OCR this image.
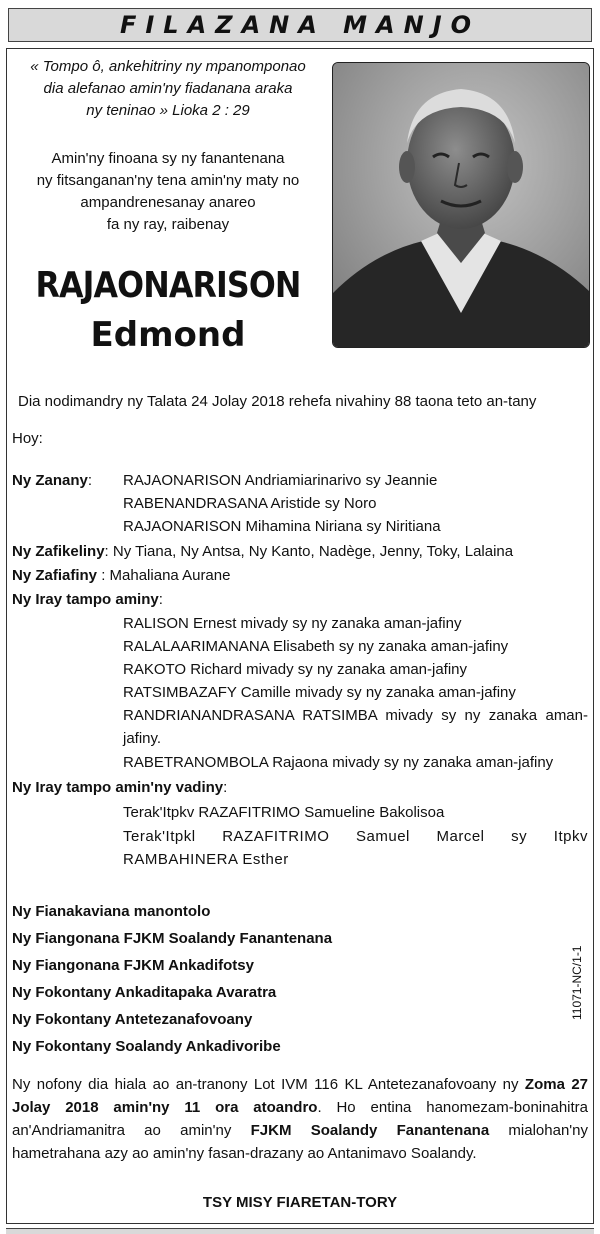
FILAZANA MANJO
« Tompo ô, ankehitriny ny mpanomponao
dia alefanao amin'ny fiadanana araka
ny teninao » Lioka 2 : 29
Amin'ny finoana sy ny fanantenana
ny fitsanganan'ny tena amin'ny maty no
ampandrenesanay anareo
fa ny ray, raibenay
RAJAONARISON
Edmond
Dia nodimandry ny Talata 24 Jolay 2018 rehefa nivahiny 88 taona teto an-tany
Hoy:
Ny Zanany: RAJAONARISON Andriamiarinarivo sy Jeannie
RABENANDRASANA Aristide sy Noro
RAJAONARISON Mihamina Niriana sy Niritiana
Ny Zafikeliny: Ny Tiana, Ny Antsa, Ny Kanto, Nadège, Jenny, Toky, Lalaina
Ny Zafiafiny : Mahaliana Aurane
Ny Iray tampo aminy:
RALISON Ernest mivady sy ny zanaka aman-jafiny
RALALAARIMANANA Elisabeth sy ny zanaka aman-jafiny
RAKOTO Richard mivady sy ny zanaka aman-jafiny
RATSIMBAZAFY Camille mivady sy ny zanaka aman-jafiny
RANDRIANANDRASANA RATSIMBA mivady sy ny zanaka aman-jafiny.
RABETRANOMBOLA Rajaona mivady sy ny zanaka aman-jafiny
Ny Iray tampo amin'ny vadiny:
Terak'Itpkv RAZAFITRIMO Samueline Bakolisoa
Terak'Itpkl RAZAFITRIMO Samuel Marcel sy Itpkv RAMBAHINERA Esther
Ny Fianakaviana manontolo
Ny Fiangonana FJKM Soalandy Fanantenana
Ny Fiangonana FJKM Ankadifotsy
Ny Fokontany Ankaditapaka Avaratra
Ny Fokontany Antetezanafovoany
Ny Fokontany Soalandy Ankadivoribe
11071-NC/1-1
Ny nofony dia hiala ao an-tranony Lot IVM 116 KL Antetezanafovoany ny Zoma 27 Jolay 2018 amin'ny 11 ora atoandro. Ho entina hanomezam-boninahitra an'Andriamanitra ao amin'ny FJKM Soalandy Fanantenana mialohan'ny hametrahana azy ao amin'ny fasan-drazany ao Antanimavo Soalandy.
TSY MISY FIARETAN-TORY
